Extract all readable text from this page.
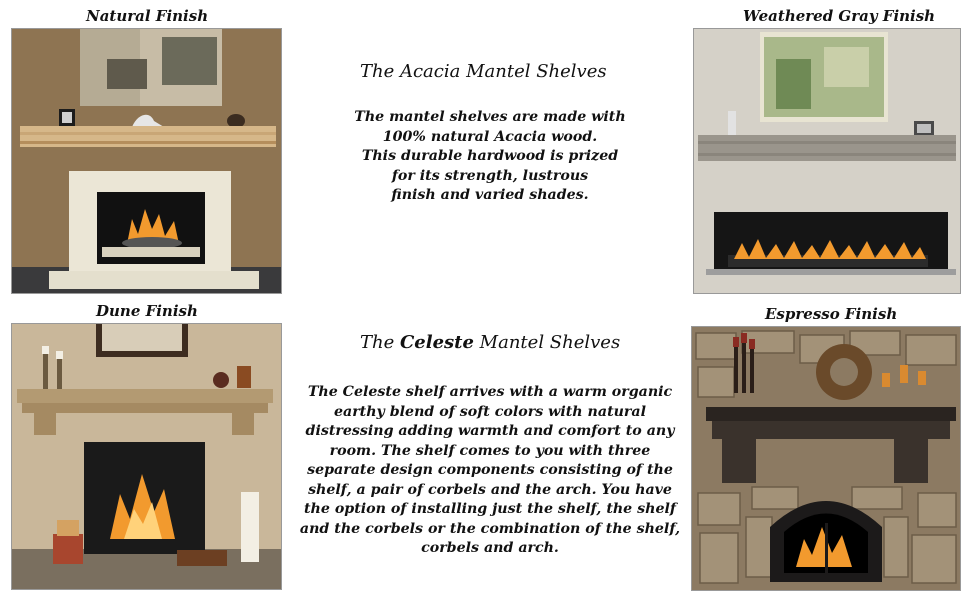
Natural Finish	Weathered Gray Finish
Dune Finish	Espresso Finish
The Acacia Mantel Shelves
The mantel shelves are made with
100% natural Acacia wood.
This durable hardwood is prized
for its strength, lustrous
finish and varied shades.
The Celeste Mantel Shelves
The Celeste shelf arrives with a warm organic
earthy blend of soft colors with natural
distressing adding warmth and comfort to any
room. The shelf comes to you with three
separate design components consisting of the
shelf, a pair of corbels and the arch. You have
the option of installing just the shelf, the shelf
and the corbels or the combination of the shelf,
corbels and arch.
